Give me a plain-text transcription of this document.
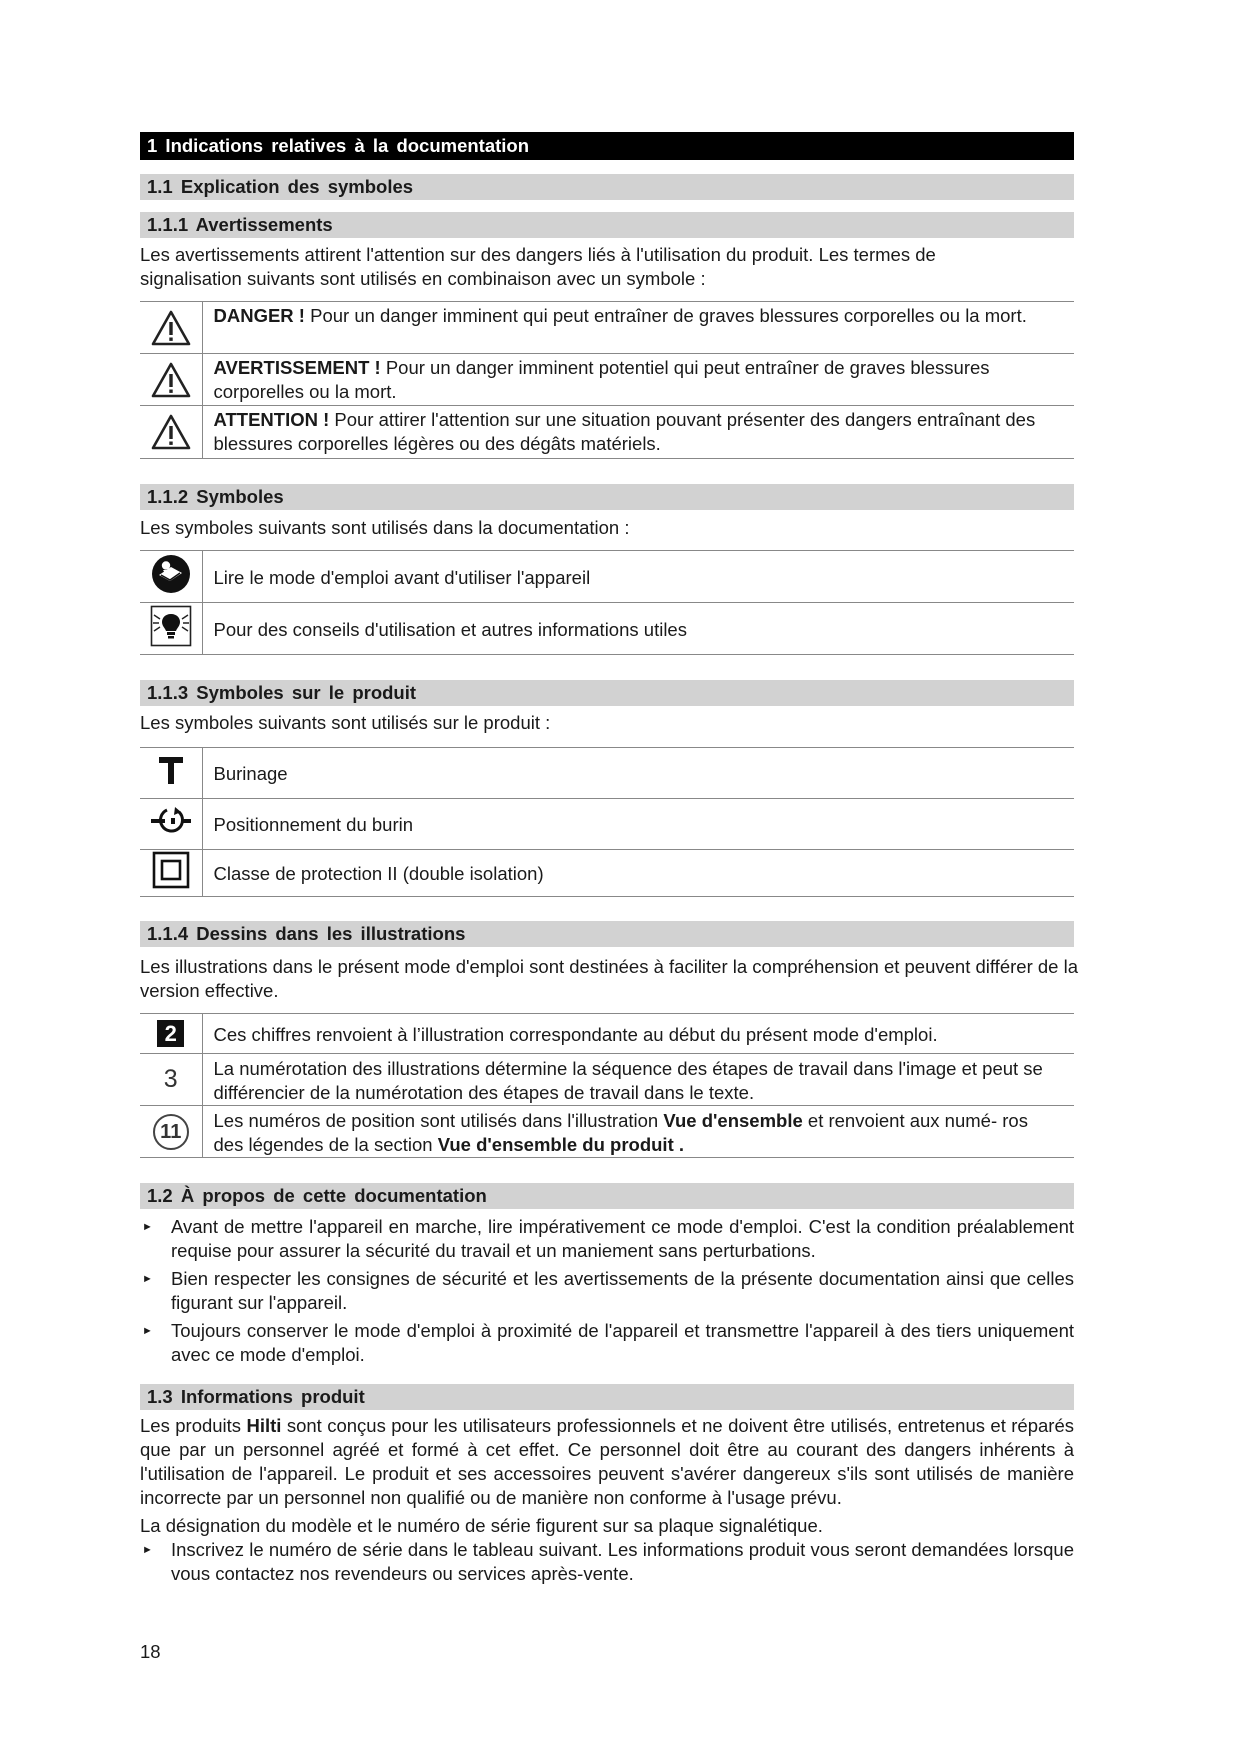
1 Indications relatives à la documentation
1.1 Explication des symboles
1.1.1 Avertissements

Les avertissements attirent l'attention sur des dangers liés à l'utilisation du produit. Les termes de signalisation suivants sont utilisés en combinaison avec un symbole :

	DANGER ! Pour un danger imminent qui peut entraîner de graves blessures corporelles ou la mort.
	AVERTISSEMENT ! Pour un danger imminent potentiel qui peut entraîner de graves blessures corporelles ou la mort.
	ATTENTION ! Pour attirer l'attention sur une situation pouvant présenter des dangers entraînant des blessures corporelles légères ou des dégâts matériels.
1.1.2 Symboles

Les symboles suivants sont utilisés dans la documentation :

	Lire le mode d'emploi avant d'utiliser l'appareil
	Pour des conseils d'utilisation et autres informations utiles
1.1.3 Symboles sur le produit

Les symboles suivants sont utilisés sur le produit :

	Burinage
	Positionnement du burin
	Classe de protection II (double isolation)
1.1.4 Dessins dans les illustrations

Les illustrations dans le présent mode d'emploi sont destinées à faciliter la compréhension et peuvent différer de la version effective.

2	Ces chiffres renvoient à l’illustration correspondante au début du présent mode d'emploi.
3	La numérotation des illustrations détermine la séquence des étapes de travail dans l'image et peut se différencier de la numérotation des étapes de travail dans le texte.
11	Les numéros de position sont utilisés dans l'illustration Vue d'ensemble et renvoient aux numé- ros des légendes de la section Vue d'ensemble du produit .
1.2 À propos de cette documentation
► Avant de mettre l'appareil en marche, lire impérativement ce mode d'emploi. C'est la condition préalablement requise pour assurer la sécurité du travail et un maniement sans perturbations.
► Bien respecter les consignes de sécurité et les avertissements de la présente documentation ainsi que celles figurant sur l'appareil.
► Toujours conserver le mode d'emploi à proximité de l'appareil et transmettre l'appareil à des tiers uniquement avec ce mode d'emploi.
1.3 Informations produit

Les produits Hilti sont conçus pour les utilisateurs professionnels et ne doivent être utilisés, entretenus et réparés que par un personnel agréé et formé à cet effet. Ce personnel doit être au courant des dangers inhérents à l'utilisation de l'appareil. Le produit et ses accessoires peuvent s'avérer dangereux s'ils sont utilisés de manière incorrecte par un personnel non qualifié ou de manière non conforme à l'usage prévu.

La désignation du modèle et le numéro de série figurent sur sa plaque signalétique.

► Inscrivez le numéro de série dans le tableau suivant. Les informations produit vous seront demandées lorsque vous contactez nos revendeurs ou services après-vente.
18
